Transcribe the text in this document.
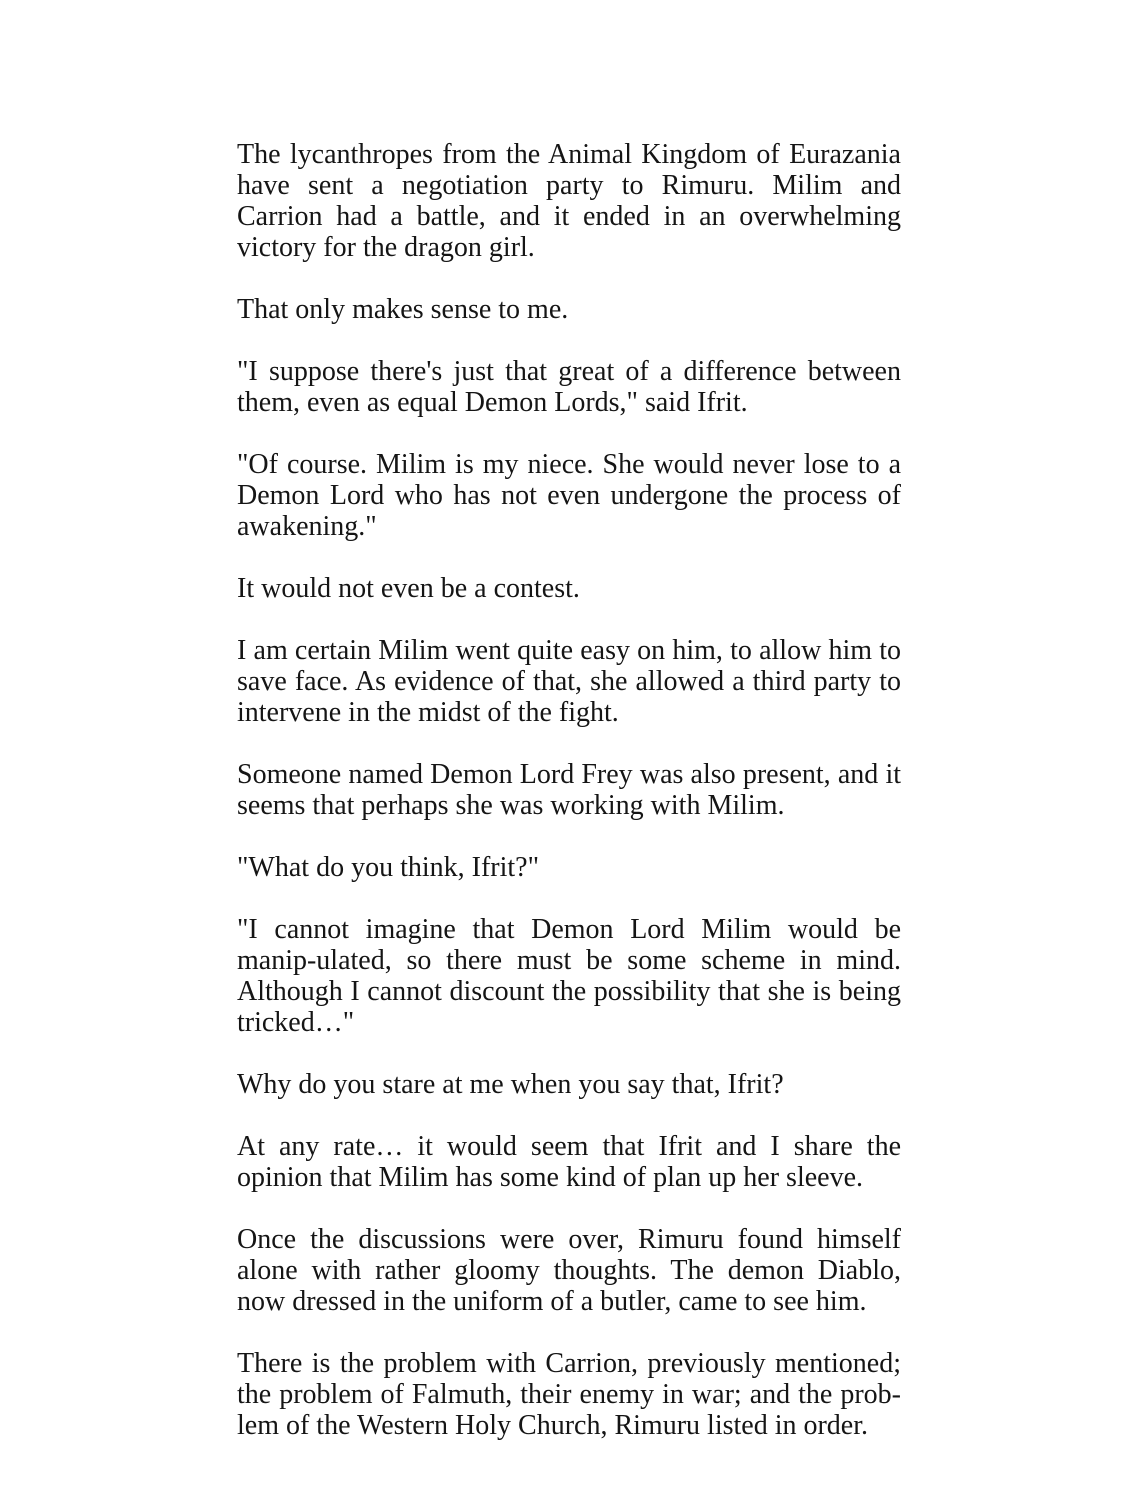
The lycanthropes from the Animal Kingdom of Eurazania have sent a negotiation party to Rimuru. Milim and Carrion had a battle, and it ended in an overwhelming victory for the dragon girl.

That only makes sense to me.

"I suppose there's just that great of a difference between them, even as equal Demon Lords," said Ifrit.

"Of course. Milim is my niece. She would never lose to a Demon Lord who has not even undergone the process of awakening."

It would not even be a contest.

I am certain Milim went quite easy on him, to allow him to save face. As evidence of that, she allowed a third party to intervene in the midst of the fight.

Someone named Demon Lord Frey was also present, and it seems that perhaps she was working with Milim.

"What do you think, Ifrit?"

"I cannot imagine that Demon Lord Milim would be manip-ulated, so there must be some scheme in mind. Although I cannot discount the possibility that she is being tricked…"

Why do you stare at me when you say that, Ifrit?

At any rate… it would seem that Ifrit and I share the opinion that Milim has some kind of plan up her sleeve.

Once the discussions were over, Rimuru found himself alone with rather gloomy thoughts. The demon Diablo, now dressed in the uniform of a butler, came to see him.

There is the problem with Carrion, previously mentioned; the problem of Falmuth, their enemy in war; and the prob-lem of the Western Holy Church, Rimuru listed in order.
